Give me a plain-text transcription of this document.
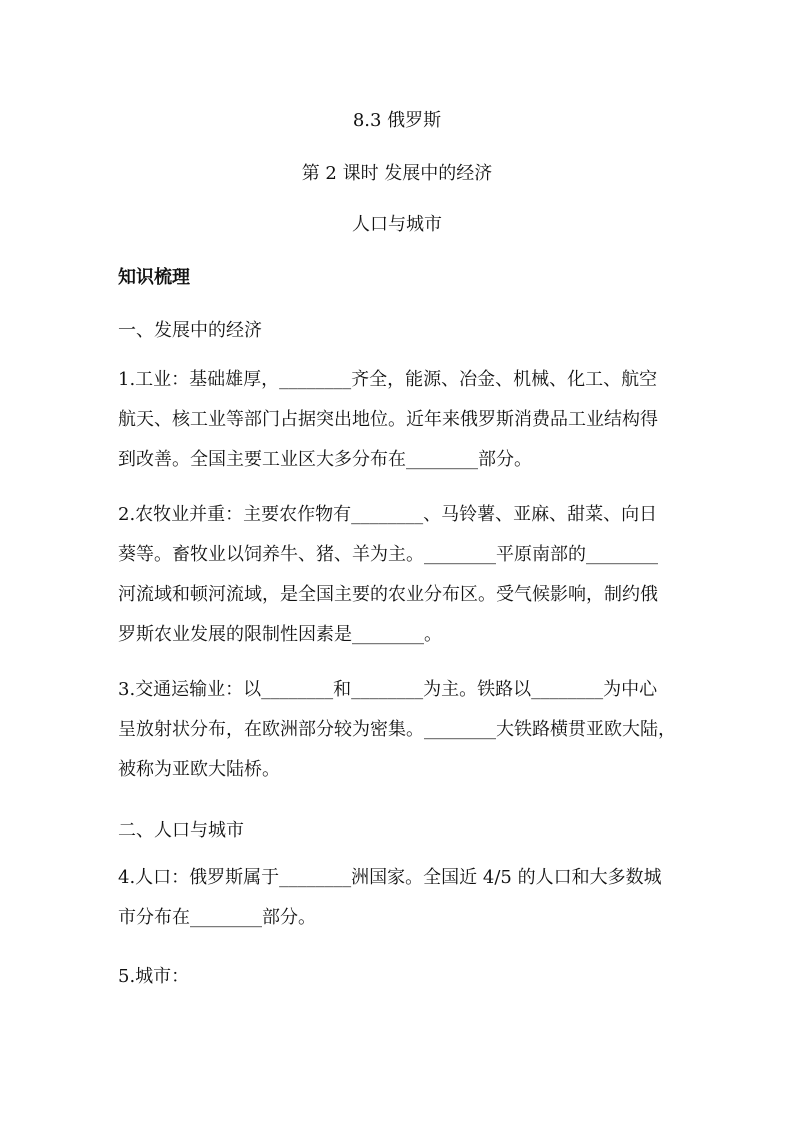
8.3 俄罗斯
第 2 课时 发展中的经济
人口与城市
知识梳理
一、发展中的经济

1.工业：基础雄厚，________齐全，能源、冶金、机械、化工、航空

航天、核工业等部门占据突出地位。近年来俄罗斯消费品工业结构得

到改善。全国主要工业区大多分布在________部分。

2.农牧业并重：主要农作物有________、马铃薯、亚麻、甜菜、向日

葵等。畜牧业以饲养牛、猪、羊为主。________平原南部的________

河流域和顿河流域，是全国主要的农业分布区。受气候影响，制约俄

罗斯农业发展的限制性因素是________。

3.交通运输业：以________和________为主。铁路以________为中心

呈放射状分布，在欧洲部分较为密集。________大铁路横贯亚欧大陆，

被称为亚欧大陆桥。

二、人口与城市

4.人口：俄罗斯属于________洲国家。全国近 4/5 的人口和大多数城

市分布在________部分。

5.城市：
